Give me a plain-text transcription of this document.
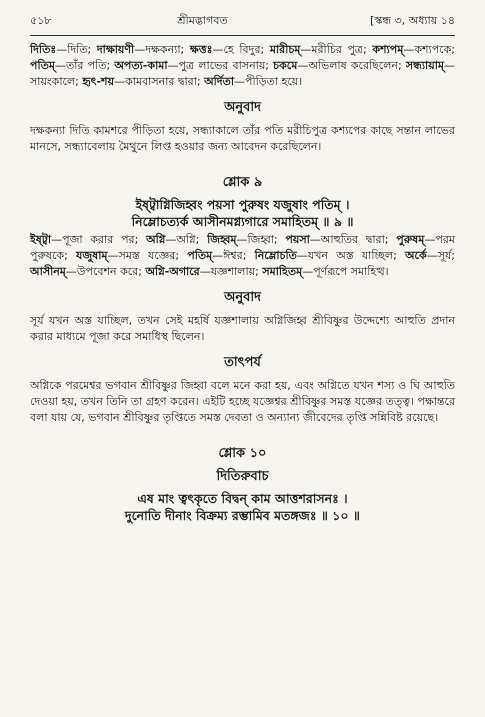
৫১৮	শ্রীমদ্ভাগবত	[স্কন্ধ ৩, অধ্যায় ১৪

দিতিঃ—দিতি; দাক্ষায়ণী—দক্ষকন্যা; ক্ষত্তঃ—হে বিদুর; মারীচম্—মরীচির পুত্র; কশ্যপম্—কশ্যপকে; পতিম্—তাঁর পতি; অপত্য-কামা—পুত্র লাভের বাসনায়; চকমে—অভিলাষ করেছিলেন; সন্ধ্যায়াম্—সায়ংকালে; হৃৎ-শয়—কামবাসনার দ্বারা; অর্দিতা—পীড়িতা হয়ে।

অনুবাদ

দক্ষকন্যা দিতি কামশরে পীড়িতা হয়ে, সন্ধ্যাকালে তাঁর পতি মরীচিপুত্র কশ্যপের কাছে সন্তান লাভের মানসে, সন্ধ্যাবেলায় মৈথুনে লিপ্ত হওয়ার জন্য আবেদন করেছিলেন।

শ্লোক ৯

ইষ্ট্বাগ্নিজিহ্বং পয়সা পুরুষং যজুষাং পতিম্ ।

নিম্লোচত্যর্ক আসীনমগ্ন্যগারে সমাহিতম্ ॥ ৯ ॥

ইষ্ট্বা—পূজা করার পর; অগ্নি—অগ্নি; জিহ্বম্—জিহ্বা; পয়সা—আহুতির দ্বারা; পুরুষম্—পরম পুরুষকে; যজুষাম্—সমস্ত যজ্ঞের; পতিম্—ঈশ্বর; নিম্লোচতি—যখন অস্ত যাচ্ছিল; অর্কে—সূর্য; আসীনম্—উপবেশন করে; অগ্নি-অগারে—যজ্ঞশালায়; সমাহিতম্—পূর্ণরূপে সমাহিত্থ।

অনুবাদ

সূর্য যখন অস্ত যাচ্ছিল, তখন সেই মহর্ষি যজ্ঞশালায় অগ্নিজিহ্ব শ্রীবিষ্ণুর উদ্দেশ্যে আহুতি প্রদান করার মাধ্যমে পূজা করে সমাধিস্থ ছিলেন।

তাৎপর্য

অগ্নিকে পরমেশ্বর ভগবান শ্রীবিষ্ণুর জিহ্বা বলে মনে করা হয়, এবং অগ্নিতে যখন শস্য ও ঘি আহুতি দেওয়া হয়, তখন তিনি তা গ্রহণ করেন। এইটি হচ্ছে যজ্ঞেশ্বর শ্রীবিষ্ণুর সমস্ত যজ্ঞের তত্ত্ব। পক্ষান্তরে বলা যায় যে, ভগবান শ্রীবিষ্ণুর তৃপ্তিতে সমস্ত দেবতা ও অন্যান্য জীবেদের তৃপ্তি সন্নিবিষ্ট রয়েছে।

শ্লোক ১০
দিতিরুবাচ

এষ মাং ত্বৎকৃতে বিদ্বন্ কাম আত্তশরাসনঃ ।

দুনোতি দীনাং বিক্রম্য রম্ভামিব মতঙ্গজঃ ॥ ১০ ॥
